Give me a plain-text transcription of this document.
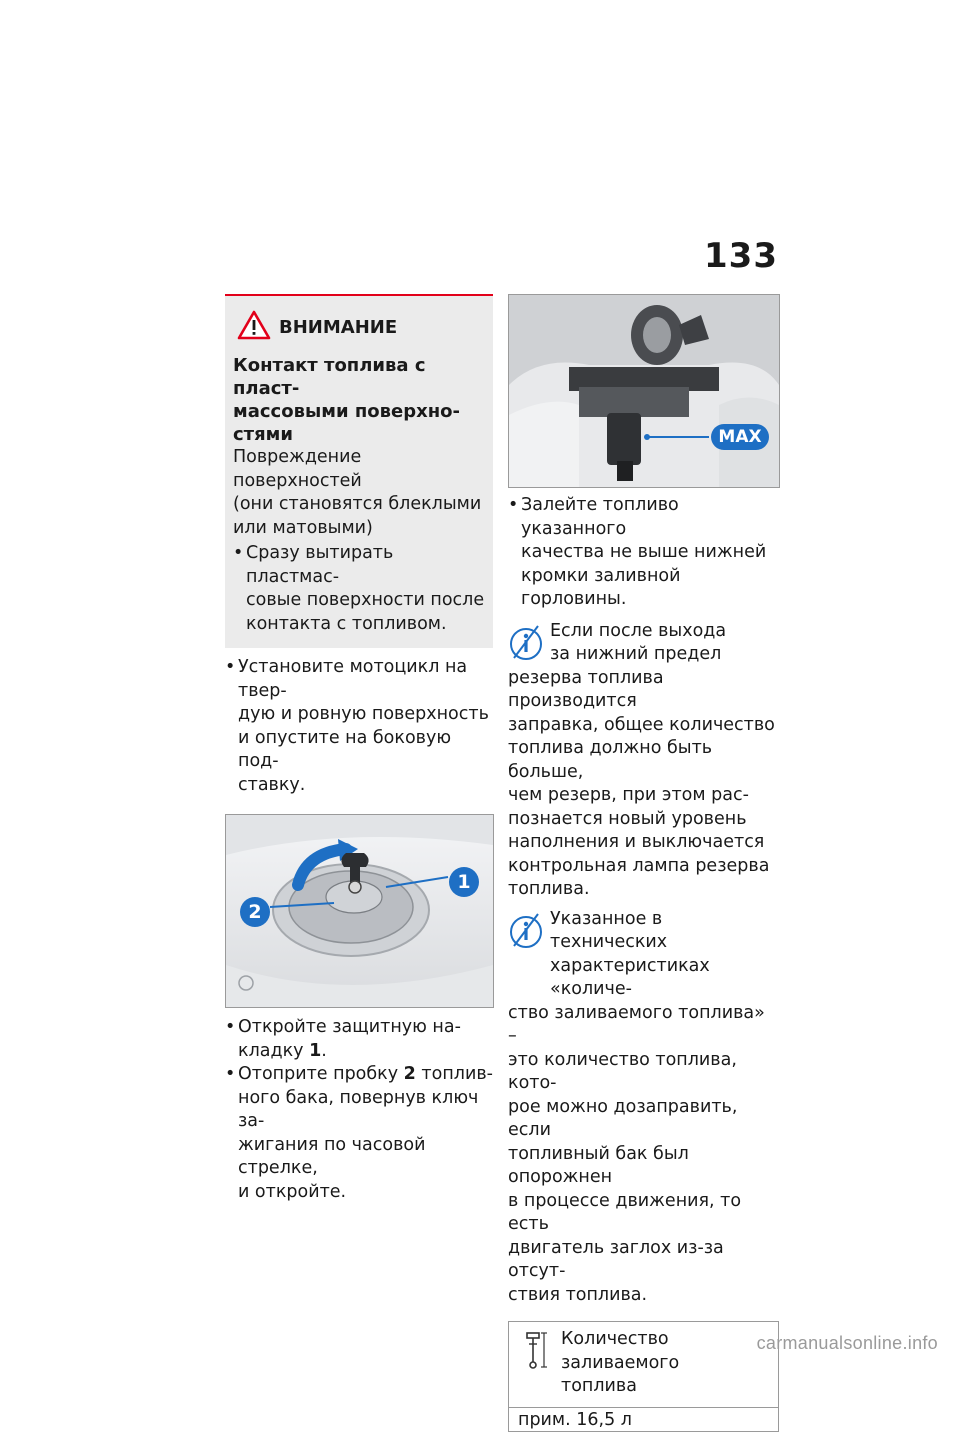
133
ВНИМАНИЕ
Контакт топлива с пласт-
массовыми поверхно-
стями
Повреждение поверхностей
(они становятся блеклыми
или матовыми)
• Сразу вытирать пластмас-
совые поверхности после
контакта с топливом.
• Установите мотоцикл на твер-
дую и ровную поверхность
и опустите на боковую под-
ставку.
1
2
• Откройте защитную на-
кладку 1.
• Отоприте пробку 2 топлив-
ного бака, повернув ключ за-
жигания по часовой стрелке,
и откройте.
MAX
• Залейте топливо указанного
качества не выше нижней
кромки заливной горловины.
Если после выхода
за нижний предел
резерва топлива производится
заправка, общее количество
топлива должно быть больше,
чем резерв, при этом рас-
познается новый уровень
наполнения и выключается
контрольная лампа резерва
топлива.
Указанное в технических
характеристиках «количе-
ство заливаемого топлива» –
это количество топлива, кото-
рое можно дозаправить, если
топливный бак был опорожнен
в процессе движения, то есть
двигатель заглох из-за отсут-
ствия топлива.
Количество заливаемого
топлива
прим. 16,5 л
carmanualsonline.info
